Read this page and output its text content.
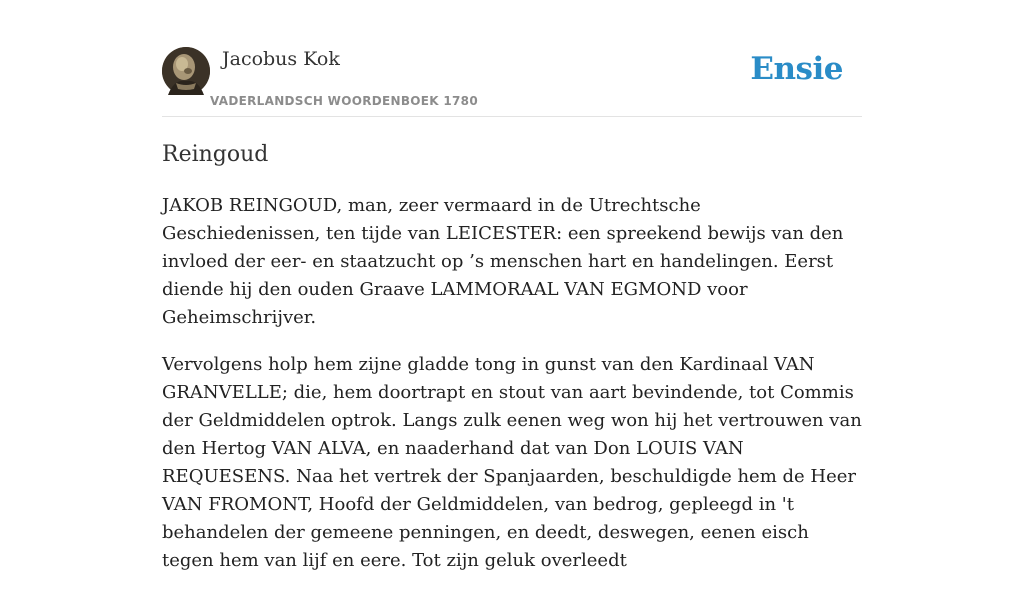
Jacobus Kok
VADERLANDSCH WOORDENBOEK 1780
Ensie
Reingoud

JAKOB REINGOUD, man, zeer vermaard in de Utrechtsche Geschiedenissen, ten tijde van LEICESTER: een spreekend bewijs van den invloed der eer- en staatzucht op ’s menschen hart en handelingen. Eerst diende hij den ouden Graave LAMMORAAL VAN EGMOND voor Geheimschrijver.

Vervolgens holp hem zijne gladde tong in gunst van den Kardinaal VAN GRANVELLE; die, hem doortrapt en stout van aart bevindende, tot Commis der Geldmiddelen optrok. Langs zulk eenen weg won hij het vertrouwen van den Hertog VAN ALVA, en naaderhand dat van Don LOUIS VAN REQUESENS. Naa het vertrek der Spanjaarden, beschuldigde hem de Heer VAN FROMONT, Hoofd der Geldmiddelen, van bedrog, gepleegd in 't behandelen der gemeene penningen, en deedt, deswegen, eenen eisch tegen hem van lijf en eere. Tot zijn geluk overleedt
